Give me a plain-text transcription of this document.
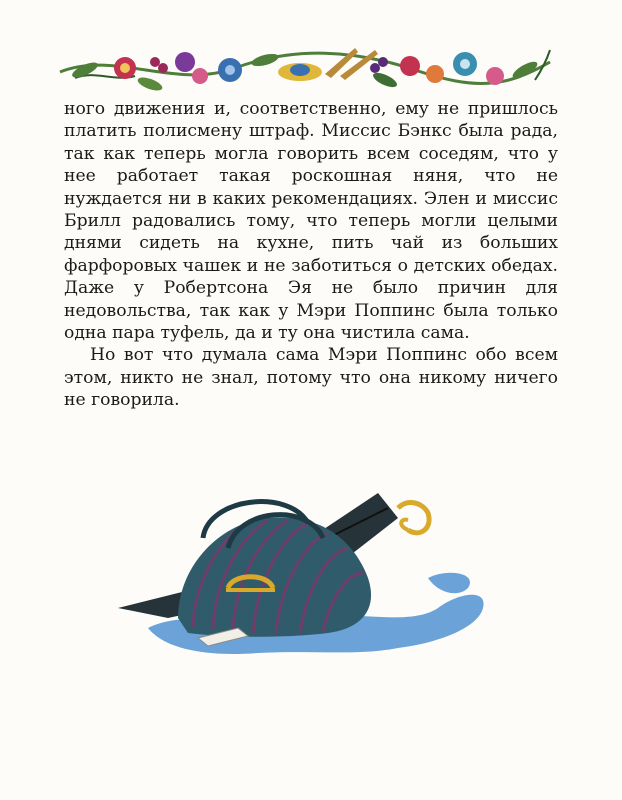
ного движения и, соответственно, ему не пришлось платить полисмену штраф. Миссис Бэнкс была рада, так как теперь могла говорить всем соседям, что у нее работает такая роскошная няня, что не нуждается ни в каких рекомендациях. Элен и миссис Брилл радовались тому, что теперь могли целыми днями сидеть на кухне, пить чай из больших фарфоровых чашек и не заботиться о детских обедах. Даже у Робертсона Эя не было причин для недовольства, так как у Мэри Поппинс была только одна пара туфель, да и ту она чистила сама.

Но вот что думала сама Мэри Поппинс обо всем этом, никто не знал, потому что она никому ничего не говорила.
